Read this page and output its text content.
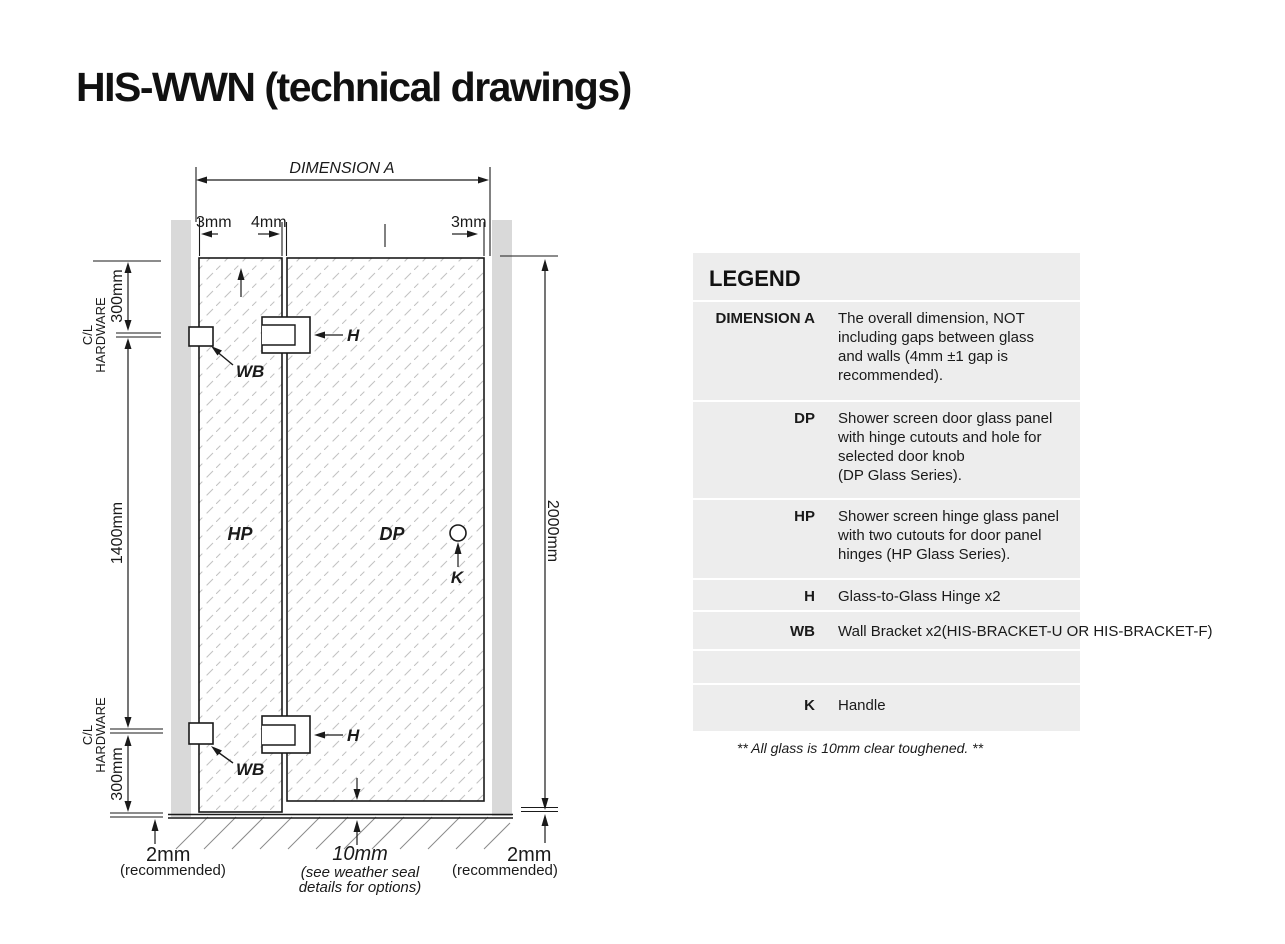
HIS-WWN (technical drawings)
DIMENSION A
3mm 4mm	3mm
300mm
C/L
HARDWARE
1400mm
C/L
HARDWARE
300mm
2000mm
HP	DP
H
H
WB
WB
K
2mm
(recommended)
10mm
(see weather seal
details for options)
2mm
(recommended)
LEGEND
DIMENSION A The overall dimension, NOT
including gaps between glass
and walls (4mm ±1 gap is
recommended).
DP Shower screen door glass panel
with hinge cutouts and hole for
selected door knob
(DP Glass Series).
HP Shower screen hinge glass panel
with two cutouts for door panel
hinges (HP Glass Series).
H Glass-to-Glass Hinge x2
WB Wall Bracket x2(HIS-BRACKET-U OR HIS-BRACKET-F)
K Handle
** All glass is 10mm clear toughened. **
